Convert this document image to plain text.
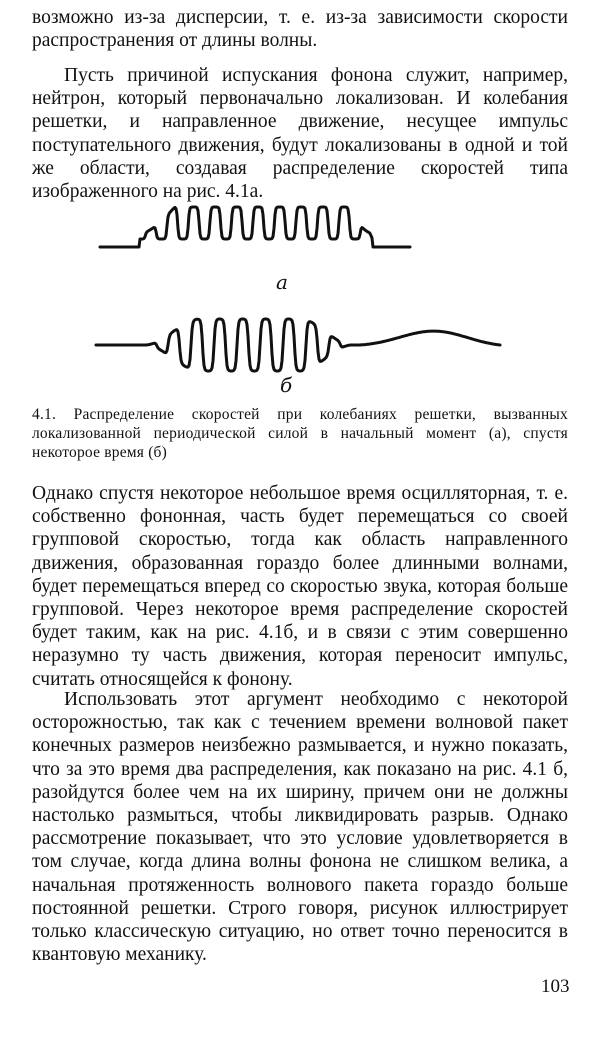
возможно из-за дисперсии, т. е. из-за зависимости скорости распространения от длины волны.

Пусть причиной испускания фонона служит, например, нейтрон, который первоначально локализован. И колебания решетки, и направленное движение, несущее импульс поступательного движения, будут локализованы в одной и той же области, создавая распределение скоростей типа изображенного на рис. 4.1а.

а
б

4.1. Распределение скоростей при колебаниях решетки, вызванных локализованной периодической силой в начальный момент (а), спустя некоторое время (б)

Однако спустя некоторое небольшое время осцилляторная, т. е. собственно фононная, часть будет перемещаться со своей групповой скоростью, тогда как область направленного движения, образованная гораздо более длинными волнами, будет перемещаться вперед со скоростью звука, которая больше групповой. Через некоторое время распределение скоростей будет таким, как на рис. 4.1б, и в связи с этим совершенно неразумно ту часть движения, которая переносит импульс, считать относящейся к фонону.

Использовать этот аргумент необходимо с некоторой осторожностью, так как с течением времени волновой пакет конечных размеров неизбежно размывается, и нужно показать, что за это время два распределения, как показано на рис. 4.1 б, разойдутся более чем на их ширину, причем они не должны настолько размыться, чтобы ликвидировать разрыв. Однако рассмотрение показывает, что это условие удовлетворяется в том случае, когда длина волны фонона не слишком велика, а начальная протяженность волнового пакета гораздо больше постоянной решетки. Строго говоря, рисунок иллюстрирует только классическую ситуацию, но ответ точно переносится в квантовую механику.

103
